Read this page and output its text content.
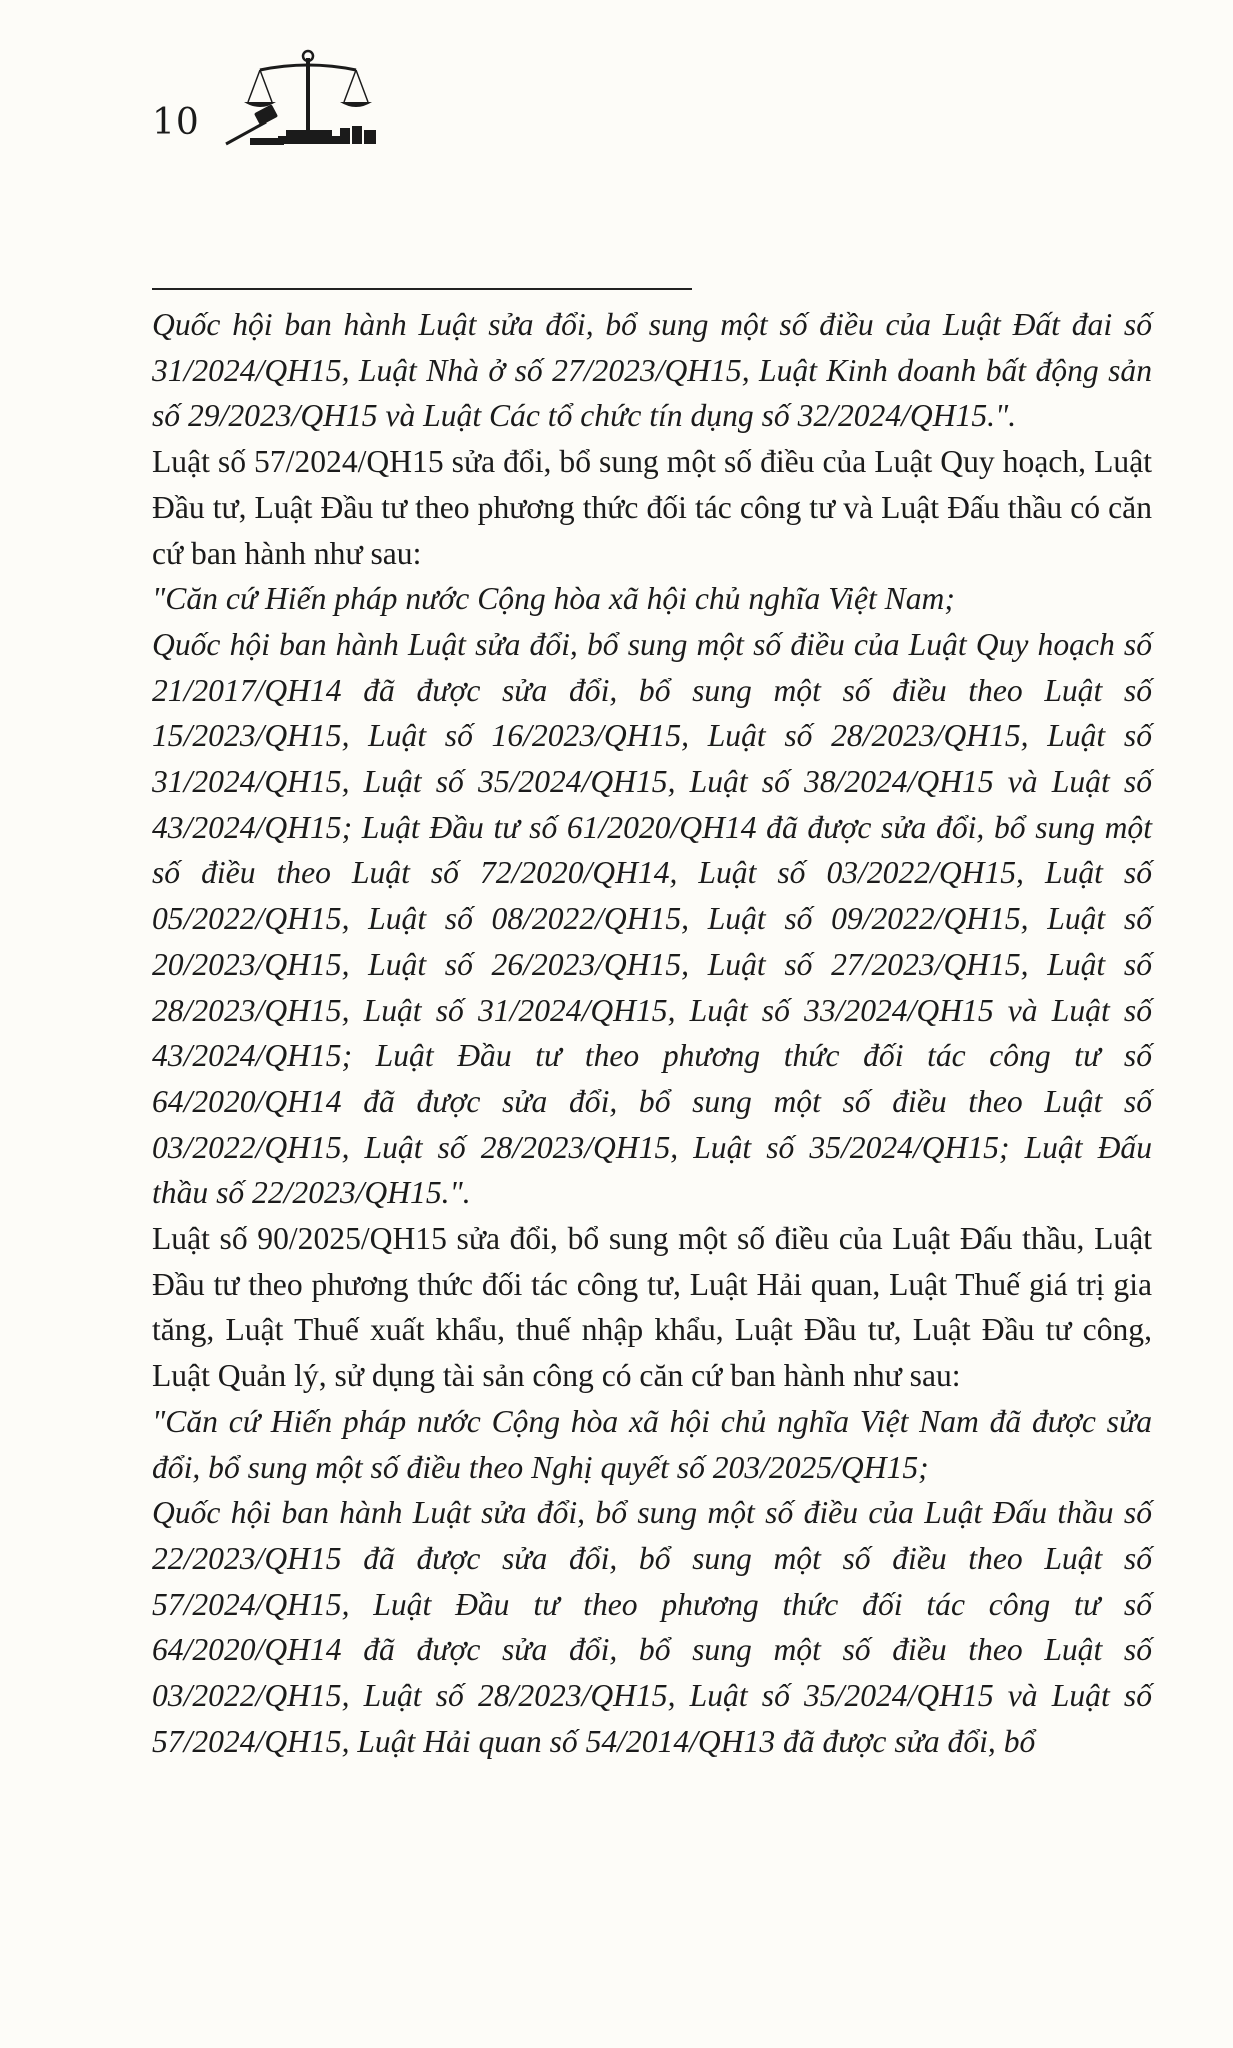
10

Quốc hội ban hành Luật sửa đổi, bổ sung một số điều của Luật Đất đai số 31/2024/QH15, Luật Nhà ở số 27/2023/QH15, Luật Kinh doanh bất động sản số 29/2023/QH15 và Luật Các tổ chức tín dụng số 32/2024/QH15.".

Luật số 57/2024/QH15 sửa đổi, bổ sung một số điều của Luật Quy hoạch, Luật Đầu tư, Luật Đầu tư theo phương thức đối tác công tư và Luật Đấu thầu có căn cứ ban hành như sau:

"Căn cứ Hiến pháp nước Cộng hòa xã hội chủ nghĩa Việt Nam;

Quốc hội ban hành Luật sửa đổi, bổ sung một số điều của Luật Quy hoạch số 21/2017/QH14 đã được sửa đổi, bổ sung một số điều theo Luật số 15/2023/QH15, Luật số 16/2023/QH15, Luật số 28/2023/QH15, Luật số 31/2024/QH15, Luật số 35/2024/QH15, Luật số 38/2024/QH15 và Luật số 43/2024/QH15; Luật Đầu tư số 61/2020/QH14 đã được sửa đổi, bổ sung một số điều theo Luật số 72/2020/QH14, Luật số 03/2022/QH15, Luật số 05/2022/QH15, Luật số 08/2022/QH15, Luật số 09/2022/QH15, Luật số 20/2023/QH15, Luật số 26/2023/QH15, Luật số 27/2023/QH15, Luật số 28/2023/QH15, Luật số 31/2024/QH15, Luật số 33/2024/QH15 và Luật số 43/2024/QH15; Luật Đầu tư theo phương thức đối tác công tư số 64/2020/QH14 đã được sửa đổi, bổ sung một số điều theo Luật số 03/2022/QH15, Luật số 28/2023/QH15, Luật số 35/2024/QH15; Luật Đấu thầu số 22/2023/QH15.".

Luật số 90/2025/QH15 sửa đổi, bổ sung một số điều của Luật Đấu thầu, Luật Đầu tư theo phương thức đối tác công tư, Luật Hải quan, Luật Thuế giá trị gia tăng, Luật Thuế xuất khẩu, thuế nhập khẩu, Luật Đầu tư, Luật Đầu tư công, Luật Quản lý, sử dụng tài sản công có căn cứ ban hành như sau:

"Căn cứ Hiến pháp nước Cộng hòa xã hội chủ nghĩa Việt Nam đã được sửa đổi, bổ sung một số điều theo Nghị quyết số 203/2025/QH15;

Quốc hội ban hành Luật sửa đổi, bổ sung một số điều của Luật Đấu thầu số 22/2023/QH15 đã được sửa đổi, bổ sung một số điều theo Luật số 57/2024/QH15, Luật Đầu tư theo phương thức đối tác công tư số 64/2020/QH14 đã được sửa đổi, bổ sung một số điều theo Luật số 03/2022/QH15, Luật số 28/2023/QH15, Luật số 35/2024/QH15 và Luật số 57/2024/QH15, Luật Hải quan số 54/2014/QH13 đã được sửa đổi, bổ
